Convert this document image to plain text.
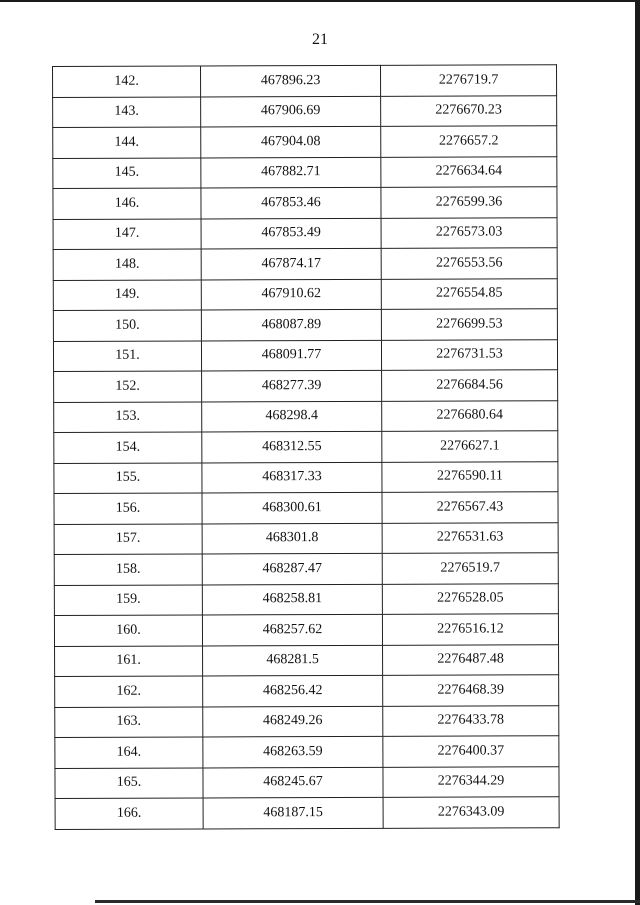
21
142.	467896.23	2276719.7
143.	467906.69	2276670.23
144.	467904.08	2276657.2
145.	467882.71	2276634.64
146.	467853.46	2276599.36
147.	467853.49	2276573.03
148.	467874.17	2276553.56
149.	467910.62	2276554.85
150.	468087.89	2276699.53
151.	468091.77	2276731.53
152.	468277.39	2276684.56
153.	468298.4	2276680.64
154.	468312.55	2276627.1
155.	468317.33	2276590.11
156.	468300.61	2276567.43
157.	468301.8	2276531.63
158.	468287.47	2276519.7
159.	468258.81	2276528.05
160.	468257.62	2276516.12
161.	468281.5	2276487.48
162.	468256.42	2276468.39
163.	468249.26	2276433.78
164.	468263.59	2276400.37
165.	468245.67	2276344.29
166.	468187.15	2276343.09
